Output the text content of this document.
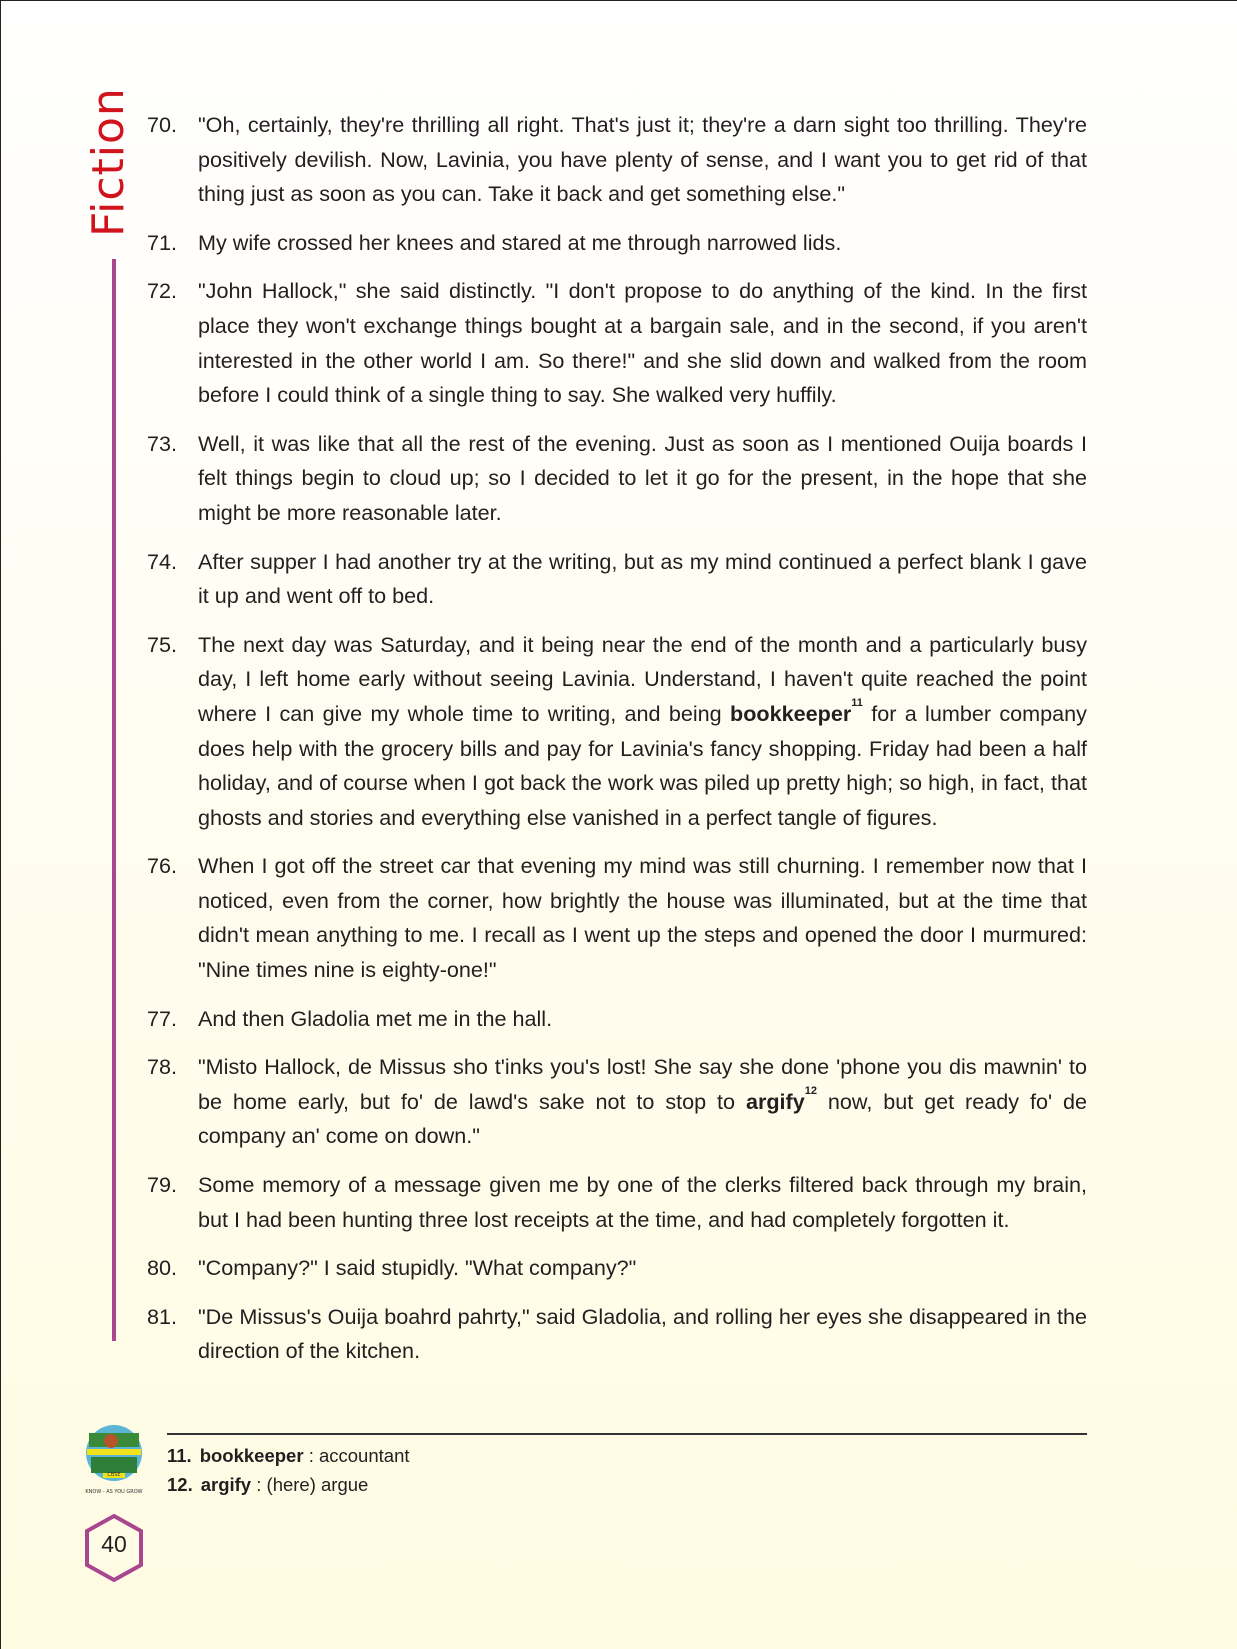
Fiction
CBSE
KNOW - AS YOU GROW
40
70. "Oh, certainly, they're thrilling all right. That's just it; they're a darn sight too thrilling. They're positively devilish. Now, Lavinia, you have plenty of sense, and I want you to get rid of that thing just as soon as you can. Take it back and get something else."
71. My wife crossed her knees and stared at me through narrowed lids.
72. "John Hallock," she said distinctly. "I don't propose to do anything of the kind. In the first place they won't exchange things bought at a bargain sale, and in the second, if you aren't interested in the other world I am. So there!" and she slid down and walked from the room before I could think of a single thing to say. She walked very huffily.
73. Well, it was like that all the rest of the evening. Just as soon as I mentioned Ouija boards I felt things begin to cloud up; so I decided to let it go for the present, in the hope that she might be more reasonable later.
74. After supper I had another try at the writing, but as my mind continued a perfect blank I gave it up and went off to bed.
75. The next day was Saturday, and it being near the end of the month and a particularly busy day, I left home early without seeing Lavinia. Understand, I haven't quite reached the point where I can give my whole time to writing, and being bookkeeper$^{11}$ for a lumber company does help with the grocery bills and pay for Lavinia's fancy shopping. Friday had been a half holiday, and of course when I got back the work was piled up pretty high; so high, in fact, that ghosts and stories and everything else vanished in a perfect tangle of figures.
76. When I got off the street car that evening my mind was still churning. I remember now that I noticed, even from the corner, how brightly the house was illuminated, but at the time that didn't mean anything to me. I recall as I went up the steps and opened the door I murmured: "Nine times nine is eighty-one!"
77. And then Gladolia met me in the hall.
78. "Misto Hallock, de Missus sho t'inks you's lost! She say she done 'phone you dis mawnin' to be home early, but fo' de lawd's sake not to stop to argify$^{12}$ now, but get ready fo' de company an' come on down."
79. Some memory of a message given me by one of the clerks filtered back through my brain, but I had been hunting three lost receipts at the time, and had completely forgotten it.
80. "Company?" I said stupidly. "What company?"
81. "De Missus's Ouija boahrd pahrty," said Gladolia, and rolling her eyes she disappeared in the direction of the kitchen.
11. bookkeeper : accountant
12. argify : (here) argue
